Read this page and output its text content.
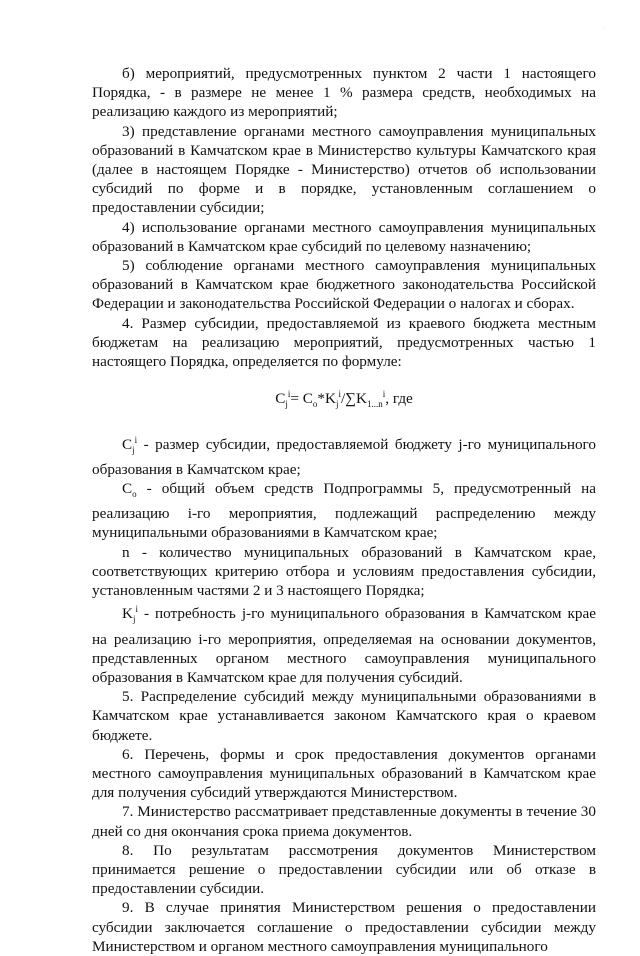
·

б) мероприятий, предусмотренных пунктом 2 части 1 настоящего Порядка, - в размере не менее 1 % размера средств, необходимых на реализацию каждого из мероприятий;

3) представление органами местного самоуправления муниципальных образований в Камчатском крае в Министерство культуры Камчатского края (далее в настоящем Порядке - Министерство) отчетов об использовании субсидий по форме и в порядке, установленным соглашением о предоставлении субсидии;

4) использование органами местного самоуправления муниципальных образований в Камчатском крае субсидий по целевому назначению;

5) соблюдение органами местного самоуправления муниципальных образований в Камчатском крае бюджетного законодательства Российской Федерации и законодательства Российской Федерации о налогах и сборах.

4. Размер субсидии, предоставляемой из краевого бюджета местным бюджетам на реализацию мероприятий, предусмотренных частью 1 настоящего Порядка, определяется по формуле:

$C_j^i= C_o*K_j^i/\sum K_{1...n}^i$, где

$C_j^i$ - размер субсидии, предоставляемой бюджету j-го муниципального образования в Камчатском крае;

$C_o$ - общий объем средств Подпрограммы 5, предусмотренный на реализацию i-го мероприятия, подлежащий распределению между муниципальными образованиями в Камчатском крае;

n - количество муниципальных образований в Камчатском крае, соответствующих критерию отбора и условиям предоставления субсидии, установленным частями 2 и 3 настоящего Порядка;

$K_j^i$ - потребность j-го муниципального образования в Камчатском крае на реализацию i-го мероприятия, определяемая на основании документов, представленных органом местного самоуправления муниципального образования в Камчатском крае для получения субсидий.

5. Распределение субсидий между муниципальными образованиями в Камчатском крае устанавливается законом Камчатского края о краевом бюджете.

6. Перечень, формы и срок предоставления документов органами местного самоуправления муниципальных образований в Камчатском крае для получения субсидий утверждаются Министерством.

7. Министерство рассматривает представленные документы в течение 30 дней со дня окончания срока приема документов.

8. По результатам рассмотрения документов Министерством принимается решение о предоставлении субсидии или об отказе в предоставлении субсидии.

9. В случае принятия Министерством решения о предоставлении субсидии заключается соглашение о предоставлении субсидии между Министерством и органом местного самоуправления муниципального
